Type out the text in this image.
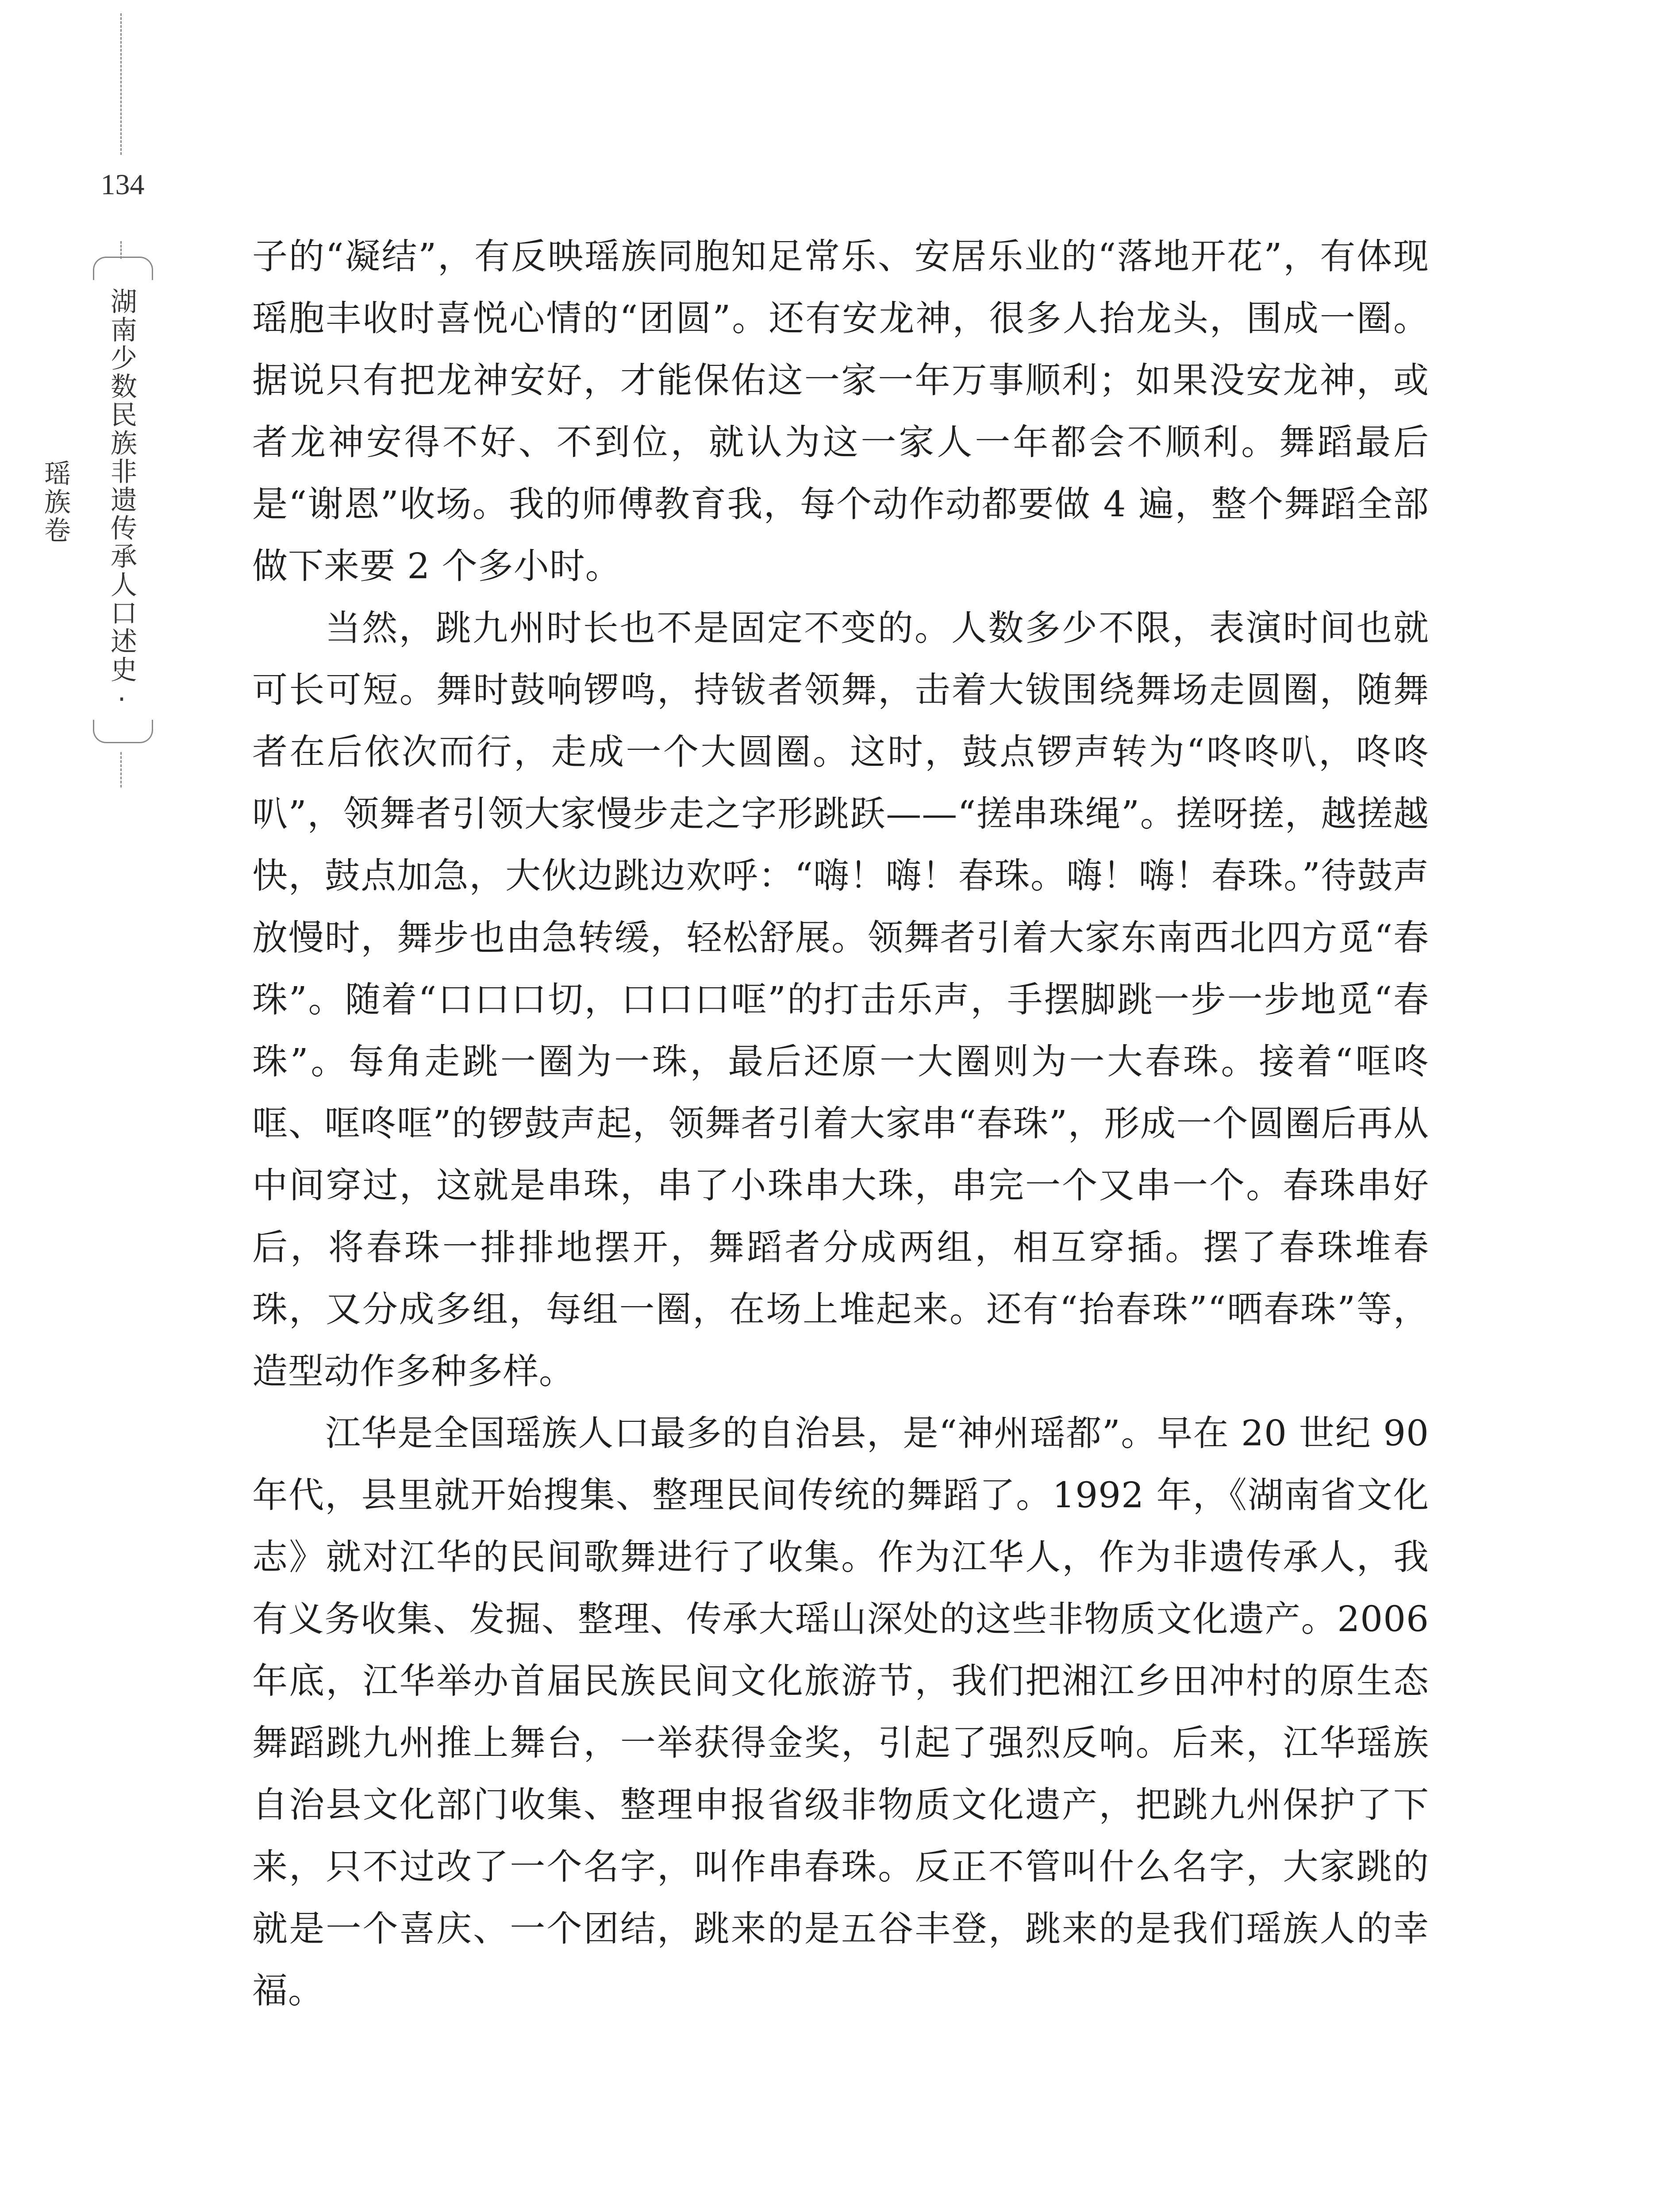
134
湖南少数民族非遗传承人口述史·瑶族卷

子的“凝结”，有反映瑶族同胞知足常乐、安居乐业的“落地开花”，有体现瑶胞丰收时喜悦心情的“团圆”。还有安龙神，很多人抬龙头，围成一圈。据说只有把龙神安好，才能保佑这一家一年万事顺利；如果没安龙神，或者龙神安得不好、不到位，就认为这一家人一年都会不顺利。舞蹈最后是“谢恩”收场。我的师傅教育我，每个动作动都要做 4 遍，整个舞蹈全部做下来要 2 个多小时。

当然，跳九州时长也不是固定不变的。人数多少不限，表演时间也就可长可短。舞时鼓响锣鸣，持钹者领舞，击着大钹围绕舞场走圆圈，随舞者在后依次而行，走成一个大圆圈。这时，鼓点锣声转为“咚咚叭，咚咚叭”，领舞者引领大家慢步走之字形跳跃——“搓串珠绳”。搓呀搓，越搓越快，鼓点加急，大伙边跳边欢呼：“嗨！嗨！春珠。嗨！嗨！春珠。”待鼓声放慢时，舞步也由急转缓，轻松舒展。领舞者引着大家东南西北四方觅“春珠”。随着“口口口切，口口口哐”的打击乐声，手摆脚跳一步一步地觅“春珠”。每角走跳一圈为一珠，最后还原一大圈则为一大春珠。接着“哐咚哐、哐咚哐”的锣鼓声起，领舞者引着大家串“春珠”，形成一个圆圈后再从中间穿过，这就是串珠，串了小珠串大珠，串完一个又串一个。春珠串好后，将春珠一排排地摆开，舞蹈者分成两组，相互穿插。摆了春珠堆春珠，又分成多组，每组一圈，在场上堆起来。还有“抬春珠”“晒春珠”等，造型动作多种多样。

江华是全国瑶族人口最多的自治县，是“神州瑶都”。早在 20 世纪 90 年代，县里就开始搜集、整理民间传统的舞蹈了。1992 年，《湖南省文化志》就对江华的民间歌舞进行了收集。作为江华人，作为非遗传承人，我有义务收集、发掘、整理、传承大瑶山深处的这些非物质文化遗产。2006 年底，江华举办首届民族民间文化旅游节，我们把湘江乡田冲村的原生态舞蹈跳九州推上舞台，一举获得金奖，引起了强烈反响。后来，江华瑶族自治县文化部门收集、整理申报省级非物质文化遗产，把跳九州保护了下来，只不过改了一个名字，叫作串春珠。反正不管叫什么名字，大家跳的就是一个喜庆、一个团结，跳来的是五谷丰登，跳来的是我们瑶族人的幸福。
